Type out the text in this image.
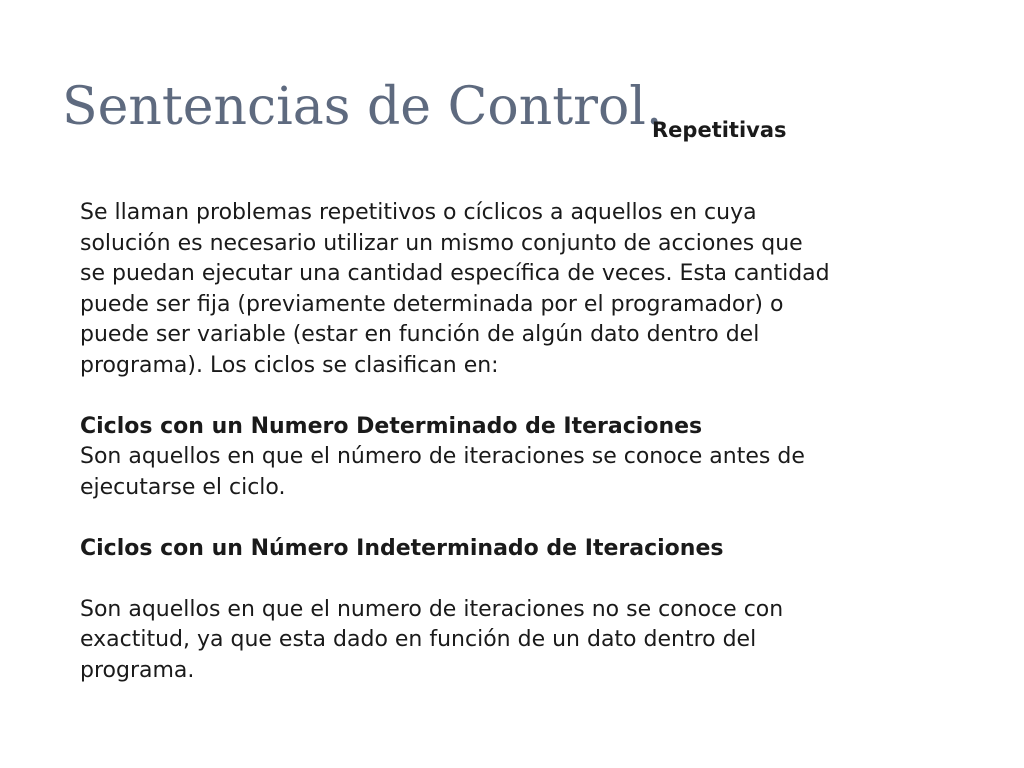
Sentencias de Control.
Repetitivas

Se llaman problemas repetitivos o cíclicos a aquellos en cuya

solución es necesario utilizar un mismo conjunto de acciones que

se puedan ejecutar una cantidad específica de veces. Esta cantidad

puede ser fija (previamente determinada por el programador) o

puede ser variable (estar en función de algún dato dentro del

programa). Los ciclos se clasifican en:

Ciclos con un Numero Determinado de Iteraciones

Son aquellos en que el número de iteraciones se conoce antes de

ejecutarse el ciclo.

Ciclos con un Número Indeterminado de Iteraciones

Son aquellos en que el numero de iteraciones no se conoce con

exactitud, ya que esta dado en función de un dato dentro del

programa.
